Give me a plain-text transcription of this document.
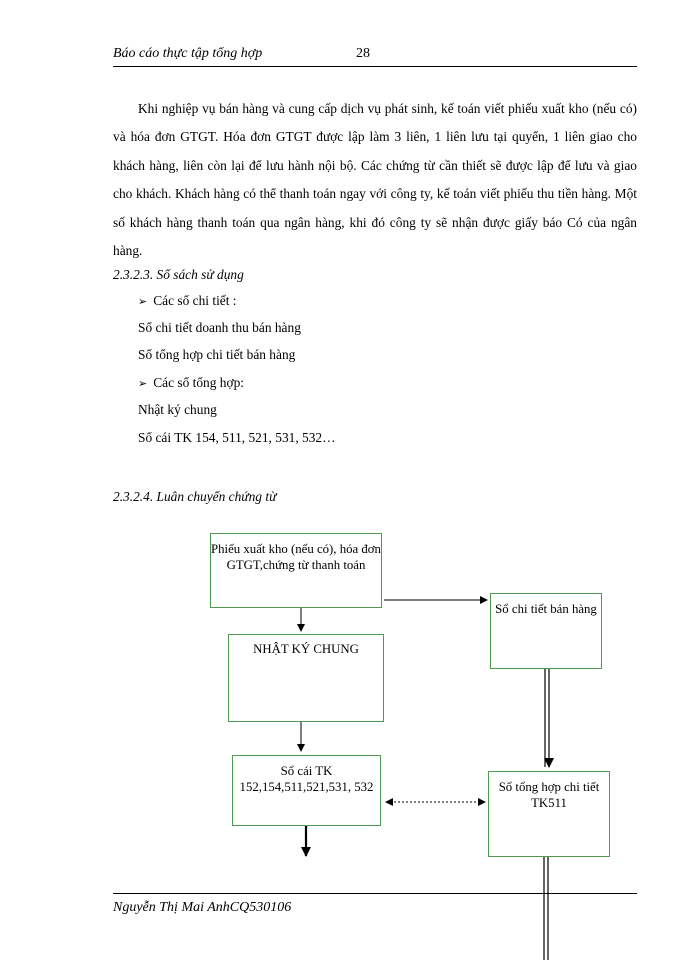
Báo cáo thực tập tổng hợp	28

Khi nghiệp vụ bán hàng và cung cấp dịch vụ phát sinh, kế toán viết phiếu xuất kho (nếu có) và hóa đơn GTGT. Hóa đơn GTGT được lập làm 3 liên, 1 liên lưu tại quyển, 1 liên giao cho khách hàng, liên còn lại để lưu hành nội bộ. Các chứng từ cần thiết sẽ được lập để lưu và giao cho khách. Khách hàng có thể thanh toán ngay với công ty, kế toán viết phiếu thu tiền hàng. Một số khách hàng thanh toán qua ngân hàng, khi đó công ty sẽ nhận được giấy báo Có của ngân hàng.

2.3.2.3. Sổ sách sử dụng
➢ Các sổ chi tiết :
Sổ chi tiết doanh thu bán hàng
Sổ tổng hợp chi tiết bán hàng
➢ Các sổ tổng hợp:
Nhật ký chung
Sổ cái TK 154, 511, 521, 531, 532…
2.3.2.4. Luân chuyển chứng từ
Phiếu xuất kho (nếu có), hóa đơn GTGT,chứng từ thanh toán
NHẬT KÝ CHUNG
Sổ cái TK 152,154,511,521,531, 532
Sổ chi tiết bán hàng
Sổ tổng hợp chi tiết TK511
Nguyễn Thị Mai AnhCQ530106
